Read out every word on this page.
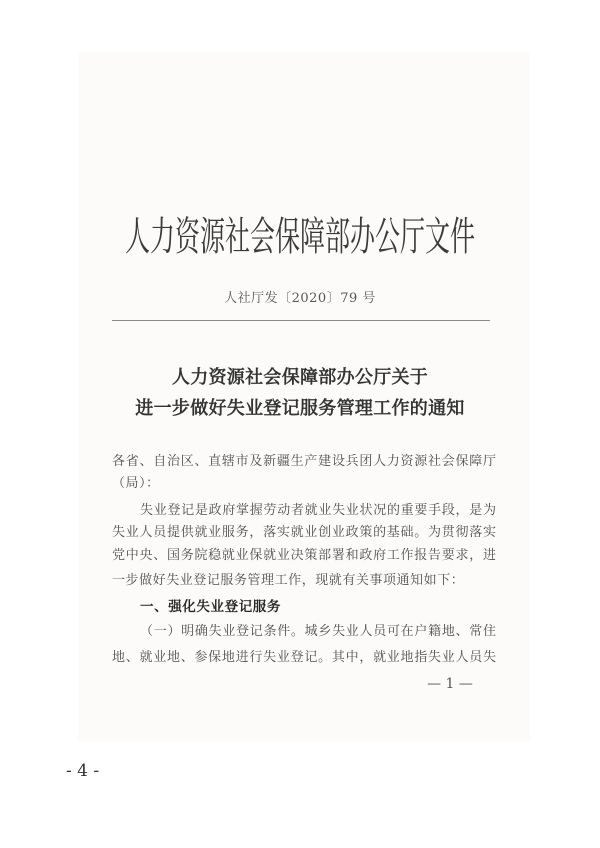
人力资源社会保障部办公厅文件
人社厅发〔2020〕79 号
人力资源社会保障部办公厅关于
进一步做好失业登记服务管理工作的通知
各省、自治区、直辖市及新疆生产建设兵团人力资源社会保障厅
（局）：
失业登记是政府掌握劳动者就业失业状况的重要手段，是为
失业人员提供就业服务，落实就业创业政策的基础。为贯彻落实
党中央、国务院稳就业保就业决策部署和政府工作报告要求，进
一步做好失业登记服务管理工作，现就有关事项通知如下：
一、强化失业登记服务
（一）明确失业登记条件。城乡失业人员可在户籍地、常住
地、就业地、参保地进行失业登记。其中，就业地指失业人员失
— 1 —
- 4 -
